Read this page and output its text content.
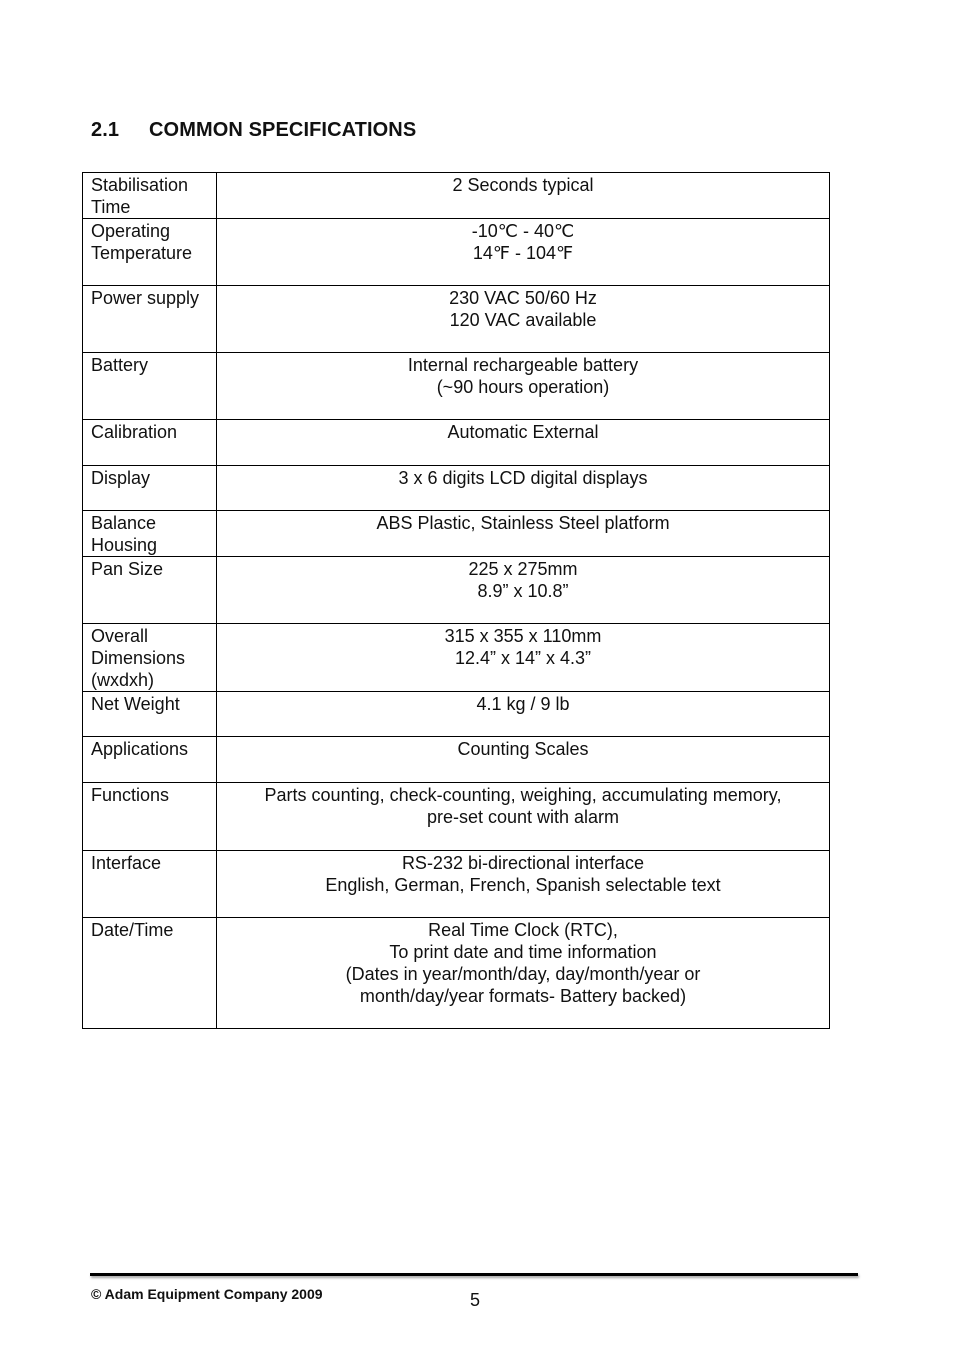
2.1 COMMON SPECIFICATIONS
Stabilisation Time	2 Seconds typical

Operating Temperature	-10℃ - 40℃
14℉ - 104℉

Power supply	230 VAC 50/60 Hz
120 VAC available

Battery	Internal rechargeable battery
(~90 hours operation)

Calibration	Automatic External

Display	3 x 6 digits LCD digital displays

Balance Housing	ABS Plastic, Stainless Steel platform

Pan Size	225 x 275mm
8.9” x 10.8”

Overall Dimensions (wxdxh)	315 x 355 x 110mm
12.4” x 14” x 4.3”

Net Weight	4.1 kg / 9 lb

Applications	Counting Scales

Functions	Parts counting, check-counting, weighing, accumulating memory,
pre-set count with alarm

Interface	RS-232 bi-directional interface
English, German, French, Spanish selectable text

Date/Time	Real Time Clock (RTC),
To print date and time information
(Dates in year/month/day, day/month/year or
month/day/year formats- Battery backed)
© Adam Equipment Company 2009	5
